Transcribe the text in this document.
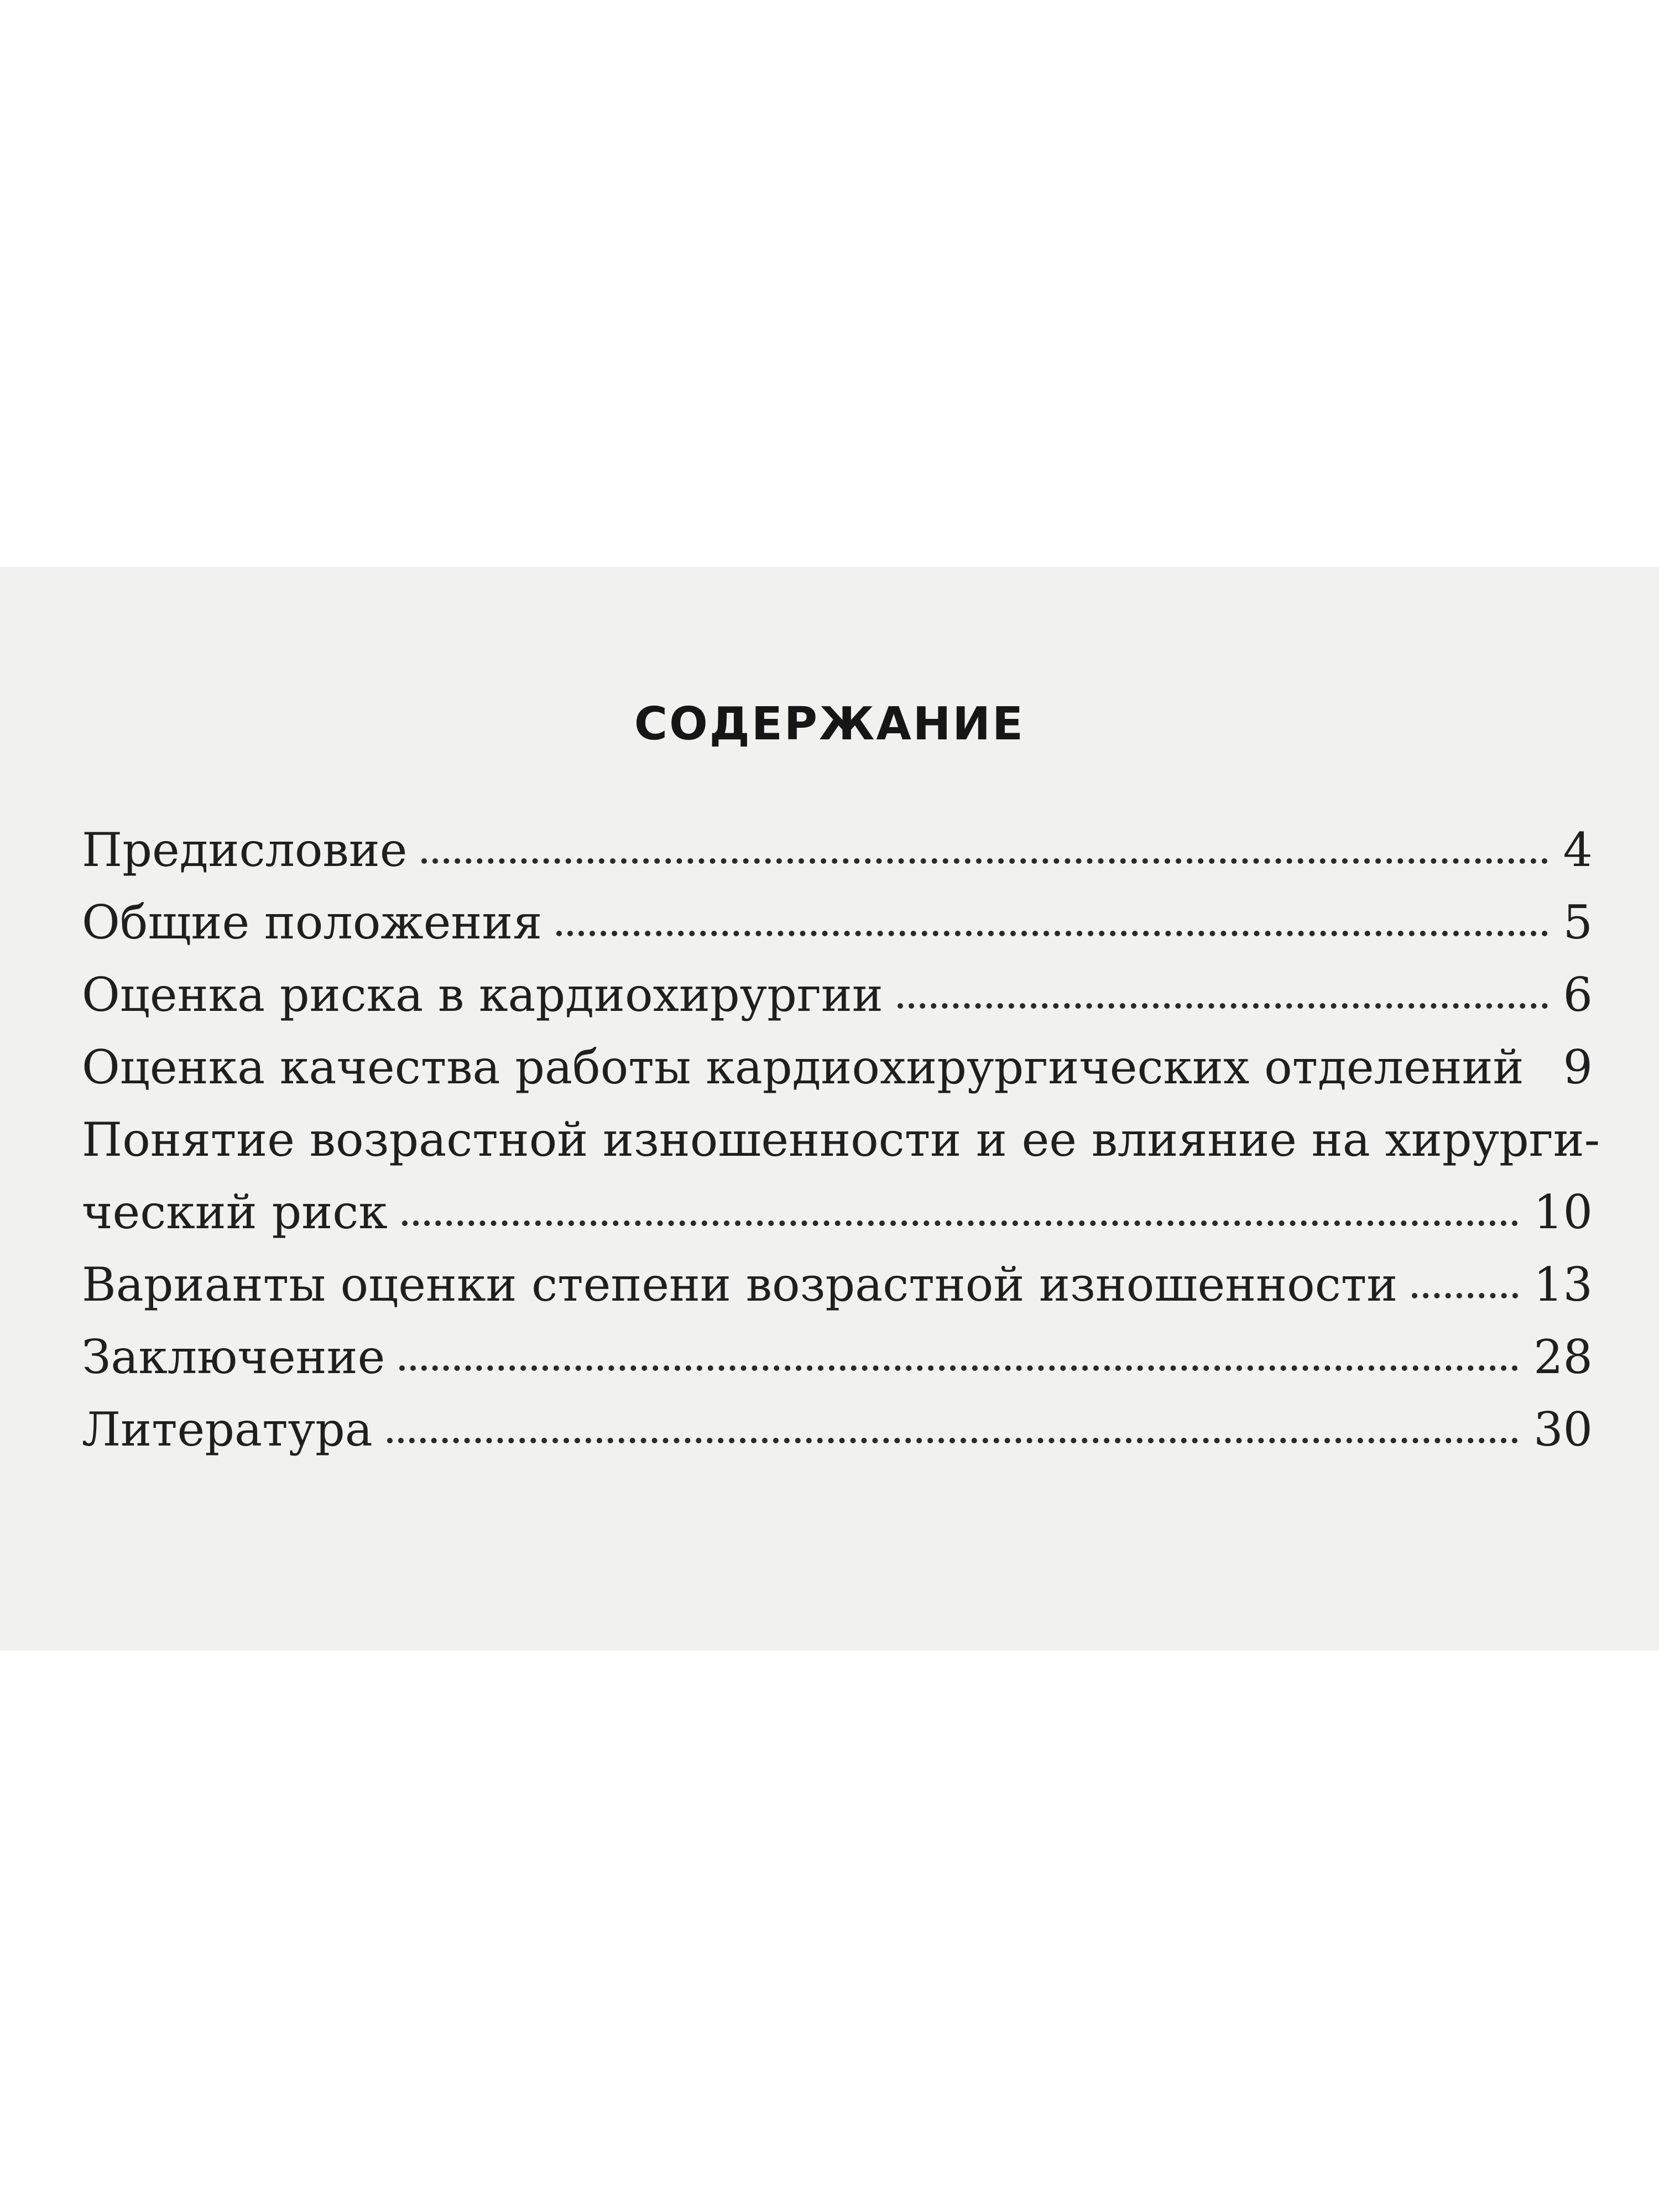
СОДЕРЖАНИЕ
Предисловие	4
Общие положения	5
Оценка риска в кардиохирургии	6
Оценка качества работы кардиохирургических отделений 9
Понятие возрастной изношенности и ее влияние на хирурги-
ческий риск	10
Варианты оценки степени возрастной изношенности	13
Заключение	28
Литература	30
